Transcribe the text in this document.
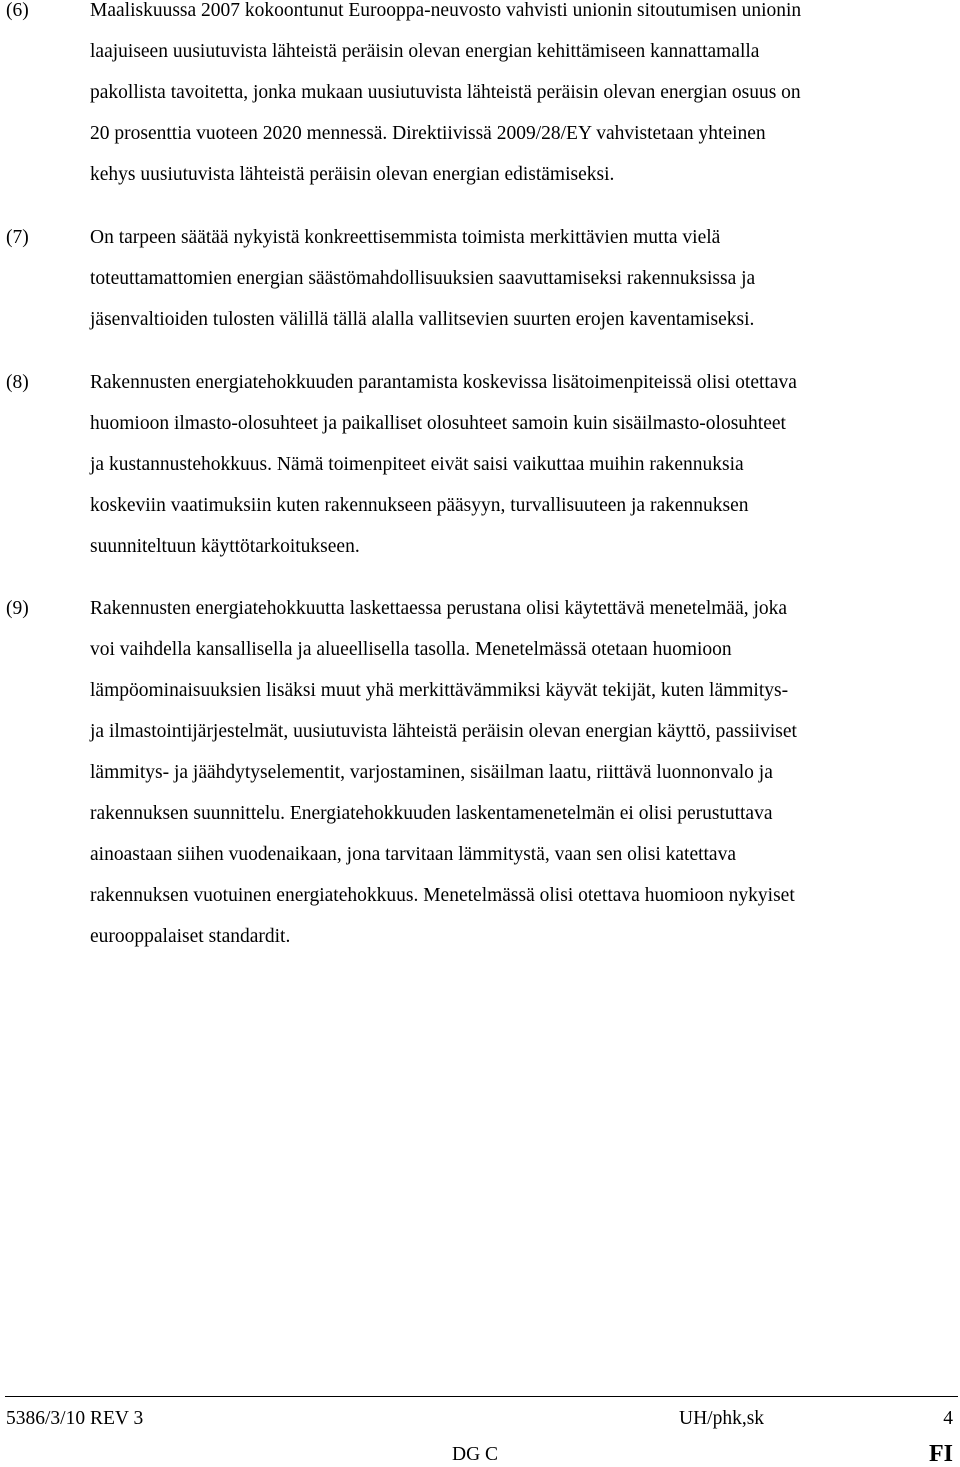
(6)	Maaliskuussa 2007 kokoontunut Eurooppa-neuvosto vahvisti unionin sitoutumisen unionin
laajuiseen uusiutuvista lähteistä peräisin olevan energian kehittämiseen kannattamalla
pakollista tavoitetta, jonka mukaan uusiutuvista lähteistä peräisin olevan energian osuus on
20 prosenttia vuoteen 2020 mennessä. Direktiivissä 2009/28/EY vahvistetaan yhteinen
kehys uusiutuvista lähteistä peräisin olevan energian edistämiseksi.

(7)	On tarpeen säätää nykyistä konkreettisemmista toimista merkittävien mutta vielä
toteuttamattomien energian säästömahdollisuuksien saavuttamiseksi rakennuksissa ja
jäsenvaltioiden tulosten välillä tällä alalla vallitsevien suurten erojen kaventamiseksi.

(8)	Rakennusten energiatehokkuuden parantamista koskevissa lisätoimenpiteissä olisi otettava
huomioon ilmasto-olosuhteet ja paikalliset olosuhteet samoin kuin sisäilmasto-olosuhteet
ja kustannustehokkuus. Nämä toimenpiteet eivät saisi vaikuttaa muihin rakennuksia
koskeviin vaatimuksiin kuten rakennukseen pääsyyn, turvallisuuteen ja rakennuksen
suunniteltuun käyttötarkoitukseen.

(9)	Rakennusten energiatehokkuutta laskettaessa perustana olisi käytettävä menetelmää, joka
voi vaihdella kansallisella ja alueellisella tasolla. Menetelmässä otetaan huomioon
lämpöominaisuuksien lisäksi muut yhä merkittävämmiksi käyvät tekijät, kuten lämmitys-
ja ilmastointijärjestelmät, uusiutuvista lähteistä peräisin olevan energian käyttö, passiiviset
lämmitys- ja jäähdytyselementit, varjostaminen, sisäilman laatu, riittävä luonnonvalo ja
rakennuksen suunnittelu. Energiatehokkuuden laskentamenetelmän ei olisi perustuttava
ainoastaan siihen vuodenaikaan, jona tarvitaan lämmitystä, vaan sen olisi katettava
rakennuksen vuotuinen energiatehokkuus. Menetelmässä olisi otettava huomioon nykyiset
eurooppalaiset standardit.

5386/3/10 REV 3	UH/phk,sk	4
DG C	FI
